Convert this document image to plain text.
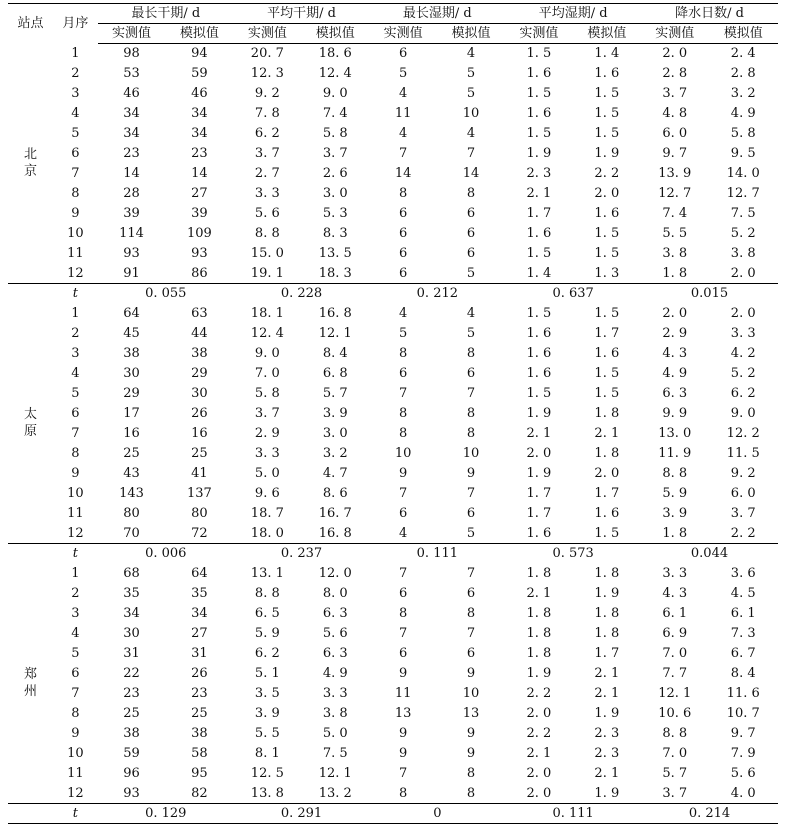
站点	月序	最长干期/ d		平均干期/ d		最长湿期/ d		平均湿期/ d		降水日数/ d	
		实测值	模拟值	实测值	模拟值	实测值	模拟值	实测值	模拟值	实测值	模拟值

北
京	1	98	94	20. 7	18. 6	6	4	1. 5	1. 4	2. 0	2. 4
	2	53	59	12. 3	12. 4	5	5	1. 6	1. 6	2. 8	2. 8
	3	46	46	9. 2	9. 0	4	5	1. 5	1. 5	3. 7	3. 2
	4	34	34	7. 8	7. 4	11	10	1. 6	1. 5	4. 8	4. 9
	5	34	34	6. 2	5. 8	4	4	1. 5	1. 5	6. 0	5. 8
	6	23	23	3. 7	3. 7	7	7	1. 9	1. 9	9. 7	9. 5
	7	14	14	2. 7	2. 6	14	14	2. 3	2. 2	13. 9	14. 0
	8	28	27	3. 3	3. 0	8	8	2. 1	2. 0	12. 7	12. 7
	9	39	39	5. 6	5. 3	6	6	1. 7	1. 6	7. 4	7. 5
	10	114	109	8. 8	8. 3	6	6	1. 6	1. 5	5. 5	5. 2
	11	93	93	15. 0	13. 5	6	6	1. 5	1. 5	3. 8	3. 8
	12	91	86	19. 1	18. 3	6	5	1. 4	1. 3	1. 8	2. 0
	t	0. 055		0. 228		0. 212		0. 637		0.015	

太
原	1	64	63	18. 1	16. 8	4	4	1. 5	1. 5	2. 0	2. 0
	2	45	44	12. 4	12. 1	5	5	1. 6	1. 7	2. 9	3. 3
	3	38	38	9. 0	8. 4	8	8	1. 6	1. 6	4. 3	4. 2
	4	30	29	7. 0	6. 8	6	6	1. 6	1. 5	4. 9	5. 2
	5	29	30	5. 8	5. 7	7	7	1. 5	1. 5	6. 3	6. 2
	6	17	26	3. 7	3. 9	8	8	1. 9	1. 8	9. 9	9. 0
	7	16	16	2. 9	3. 0	8	8	2. 1	2. 1	13. 0	12. 2
	8	25	25	3. 3	3. 2	10	10	2. 0	1. 8	11. 9	11. 5
	9	43	41	5. 0	4. 7	9	9	1. 9	2. 0	8. 8	9. 2
	10	143	137	9. 6	8. 6	7	7	1. 7	1. 7	5. 9	6. 0
	11	80	80	18. 7	16. 7	6	6	1. 7	1. 6	3. 9	3. 7
	12	70	72	18. 0	16. 8	4	5	1. 6	1. 5	1. 8	2. 2
	t	0. 006		0. 237		0. 111		0. 573		0.044	

郑
州	1	68	64	13. 1	12. 0	7	7	1. 8	1. 8	3. 3	3. 6
	2	35	35	8. 8	8. 0	6	6	2. 1	1. 9	4. 3	4. 5
	3	34	34	6. 5	6. 3	8	8	1. 8	1. 8	6. 1	6. 1
	4	30	27	5. 9	5. 6	7	7	1. 8	1. 8	6. 9	7. 3
	5	31	31	6. 2	6. 3	6	6	1. 8	1. 7	7. 0	6. 7
	6	22	26	5. 1	4. 9	9	9	1. 9	2. 1	7. 7	8. 4
	7	23	23	3. 5	3. 3	11	10	2. 2	2. 1	12. 1	11. 6
	8	25	25	3. 9	3. 8	13	13	2. 0	1. 9	10. 6	10. 7
	9	38	38	5. 5	5. 0	9	9	2. 2	2. 3	8. 8	9. 7
	10	59	58	8. 1	7. 5	9	9	2. 1	2. 3	7. 0	7. 9
	11	96	95	12. 5	12. 1	7	8	2. 0	2. 1	5. 7	5. 6
	12	93	82	13. 8	13. 2	8	8	2. 0	1. 9	3. 7	4. 0
	t	0. 129		0. 291		0		0. 111		0. 214	
